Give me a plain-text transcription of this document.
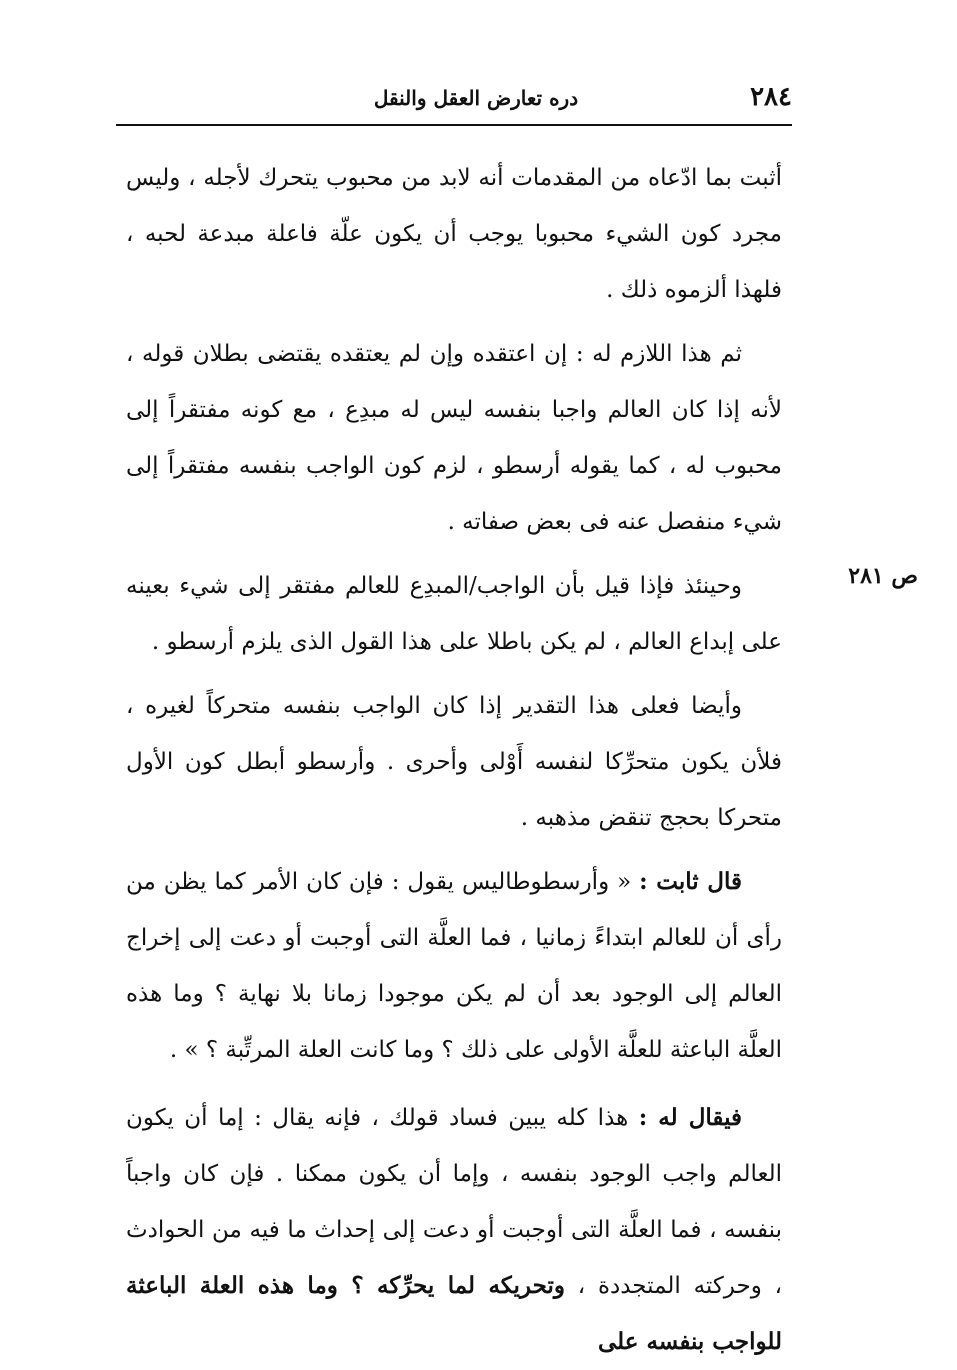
٢٨٤
دره تعارض العقل والنقل
ص ٢٨١

أثبت بما ادّعاه من المقدمات أنه لابد من محبوب يتحرك لأجله ، وليس مجرد كون الشيء محبوبا يوجب أن يكون علّة فاعلة مبدعة لحبه ، فلهذا ألزموه ذلك .

ثم هذا اللازم له : إن اعتقده وإن لم يعتقده يقتضى بطلان قوله ، لأنه إذا كان العالم واجبا بنفسه ليس له مبدِع ، مع كونه مفتقراً إلى محبوب له ، كما يقوله أرسطو ، لزم كون الواجب بنفسه مفتقراً إلى شيء منفصل عنه فى بعض صفاته .

وحينئذ فإذا قيل بأن الواجب/المبدِع للعالم مفتقر إلى شيء بعينه على إبداع العالم ، لم يكن باطلا على هذا القول الذى يلزم أرسطو .

وأيضا فعلى هذا التقدير إذا كان الواجب بنفسه متحركاً لغيره ، فلأن يكون متحرِّكا لنفسه أَوْلى وأحرى . وأرسطو أبطل كون الأول متحركا بحجج تنقض مذهبه .

قال ثابت : « وأرسطوطاليس يقول : فإن كان الأمر كما يظن من رأى أن للعالم ابتداءً زمانيا ، فما العلَّة التى أوجبت أو دعت إلى إخراج العالم إلى الوجود بعد أن لم يكن موجودا زمانا بلا نهاية ؟ وما هذه العلَّة الباعثة للعلَّة الأولى على ذلك ؟ وما كانت العلة المرتِّبة ؟ » .

فيقال له : هذا كله يبين فساد قولك ، فإنه يقال : إما أن يكون العالم واجب الوجود بنفسه ، وإما أن يكون ممكنا . فإن كان واجباً بنفسه ، فما العلَّة التى أوجبت أو دعت إلى إحداث ما فيه من الحوادث ، وحركته المتجددة ، وتحريكه لما يحرِّكه ؟ وما هذه العلة الباعثة للواجب بنفسه على
